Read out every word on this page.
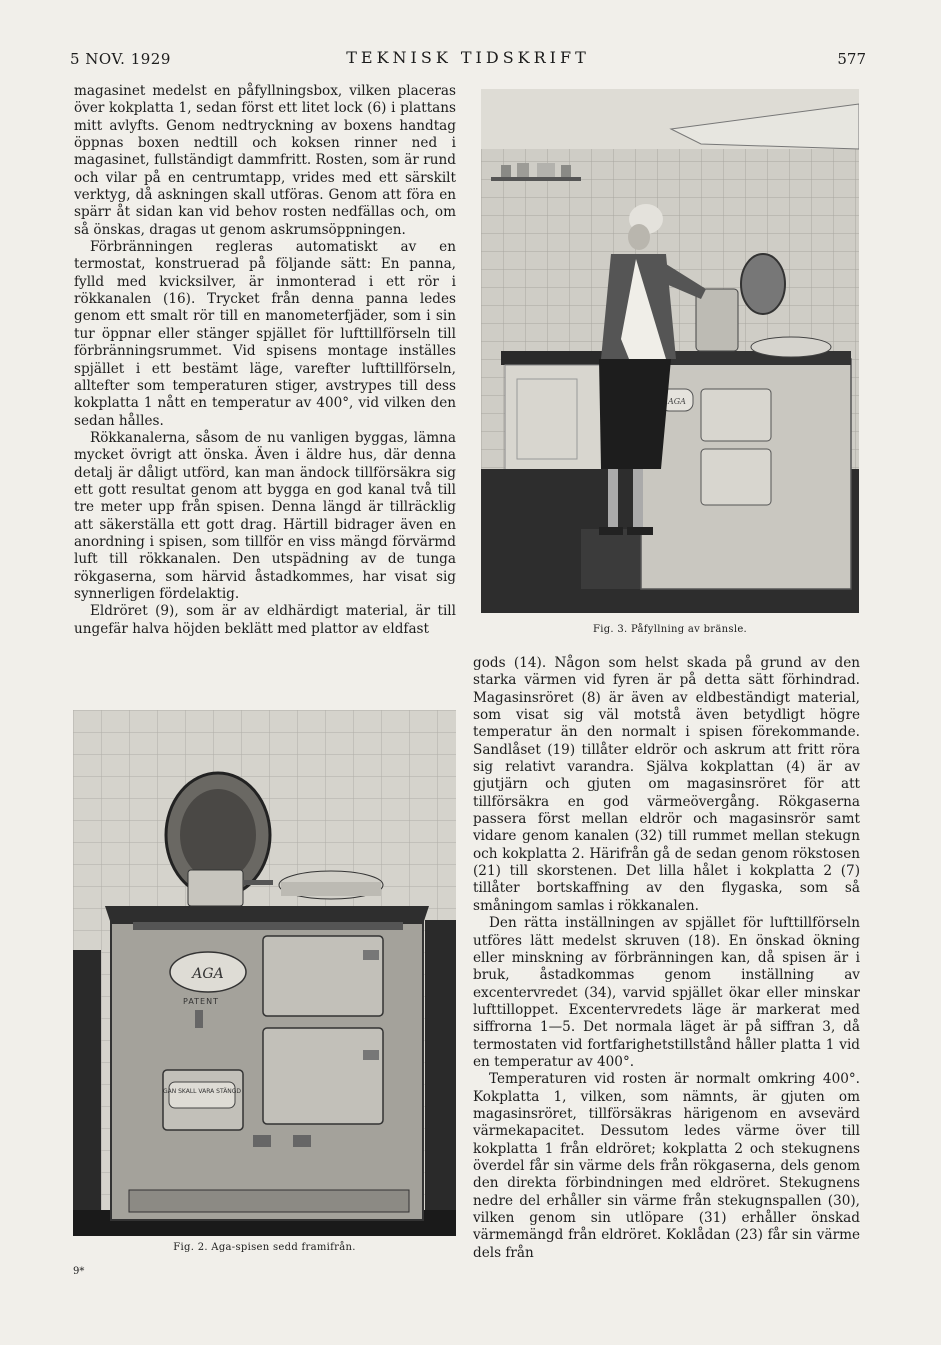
5 NOV. 1929	TEKNISK TIDSKRIFT	577

magasinet medelst en påfyllningsbox, vilken placeras över kokplatta 1, sedan först ett litet lock (6) i plattans mitt avlyfts. Genom nedtryckning av boxens handtag öppnas boxen nedtill och koksen rinner ned i magasinet, fullständigt dammfritt. Rosten, som är rund och vilar på en centrumtapp, vrides med ett särskilt verktyg, då askningen skall utföras. Genom att föra en spärr åt sidan kan vid behov rosten nedfällas och, om så önskas, dragas ut genom askrumsöppningen.

Förbränningen regleras automatiskt av en termostat, konstruerad på följande sätt: En panna, fylld med kvicksilver, är inmonterad i ett rör i rökkanalen (16). Trycket från denna panna ledes genom ett smalt rör till en manometerfjäder, som i sin tur öppnar eller stänger spjället för lufttillförseln till förbränningsrummet. Vid spisens montage inställes spjället i ett bestämt läge, varefter lufttillförseln, alltefter som temperaturen stiger, avstrypes till dess kokplatta 1 nått en temperatur av 400°, vid vilken den sedan hålles.

Rökkanalerna, såsom de nu vanligen byggas, lämna mycket övrigt att önska. Även i äldre hus, där denna detalj är dåligt utförd, kan man ändock tillförsäkra sig ett gott resultat genom att bygga en god kanal två till tre meter upp från spisen. Denna längd är tillräcklig att säkerställa ett gott drag. Härtill bidrager även en anordning i spisen, som tillför en viss mängd förvärmd luft till rökkanalen. Den utspädning av de tunga rökgaserna, som härvid åstadkommes, har visat sig synnerligen fördelaktig.

Eldröret (9), som är av eldhärdigt material, är till ungefär halva höjden beklätt med plattor av eldfast

AGA
Fig. 3. Påfyllning av bränsle.
AGA
PATENT
GAN SKALL VARA STÄNGD
Fig. 2. Aga-spisen sedd framifrån.

gods (14). Någon som helst skada på grund av den starka värmen vid fyren är på detta sätt förhindrad. Magasinsröret (8) är även av eldbeständigt material, som visat sig väl motstå även betydligt högre temperatur än den normalt i spisen förekommande. Sandlåset (19) tillåter eldrör och askrum att fritt röra sig relativt varandra. Själva kokplattan (4) är av gjutjärn och gjuten om magasinsröret för att tillförsäkra en god värmeövergång. Rökgaserna passera först mellan eldrör och magasinsrör samt vidare genom kanalen (32) till rummet mellan stekugn och kokplatta 2. Härifrån gå de sedan genom rökstosen (21) till skorstenen. Det lilla hålet i kokplatta 2 (7) tillåter bortskaffning av den flygaska, som så småningom samlas i rökkanalen.

Den rätta inställningen av spjället för lufttillförseln utföres lätt medelst skruven (18). En önskad ökning eller minskning av förbränningen kan, då spisen är i bruk, åstadkommas genom inställning av excentervredet (34), varvid spjället ökar eller minskar lufttilloppet. Excentervredets läge är markerat med siffrorna 1—5. Det normala läget är på siffran 3, då termostaten vid fortfarighetstillstånd håller platta 1 vid en temperatur av 400°.

Temperaturen vid rosten är normalt omkring 400°. Kokplatta 1, vilken, som nämnts, är gjuten om magasinsröret, tillförsäkras härigenom en avsevärd värmekapacitet. Dessutom ledes värme över till kokplatta 1 från eldröret; kokplatta 2 och stekugnens överdel får sin värme dels från rökgaserna, dels genom den direkta förbindningen med eldröret. Stekugnens nedre del erhåller sin värme från stekugnspallen (30), vilken genom sin utlöpare (31) erhåller önskad värmemängd från eldröret. Koklådan (23) får sin värme dels från

9*
